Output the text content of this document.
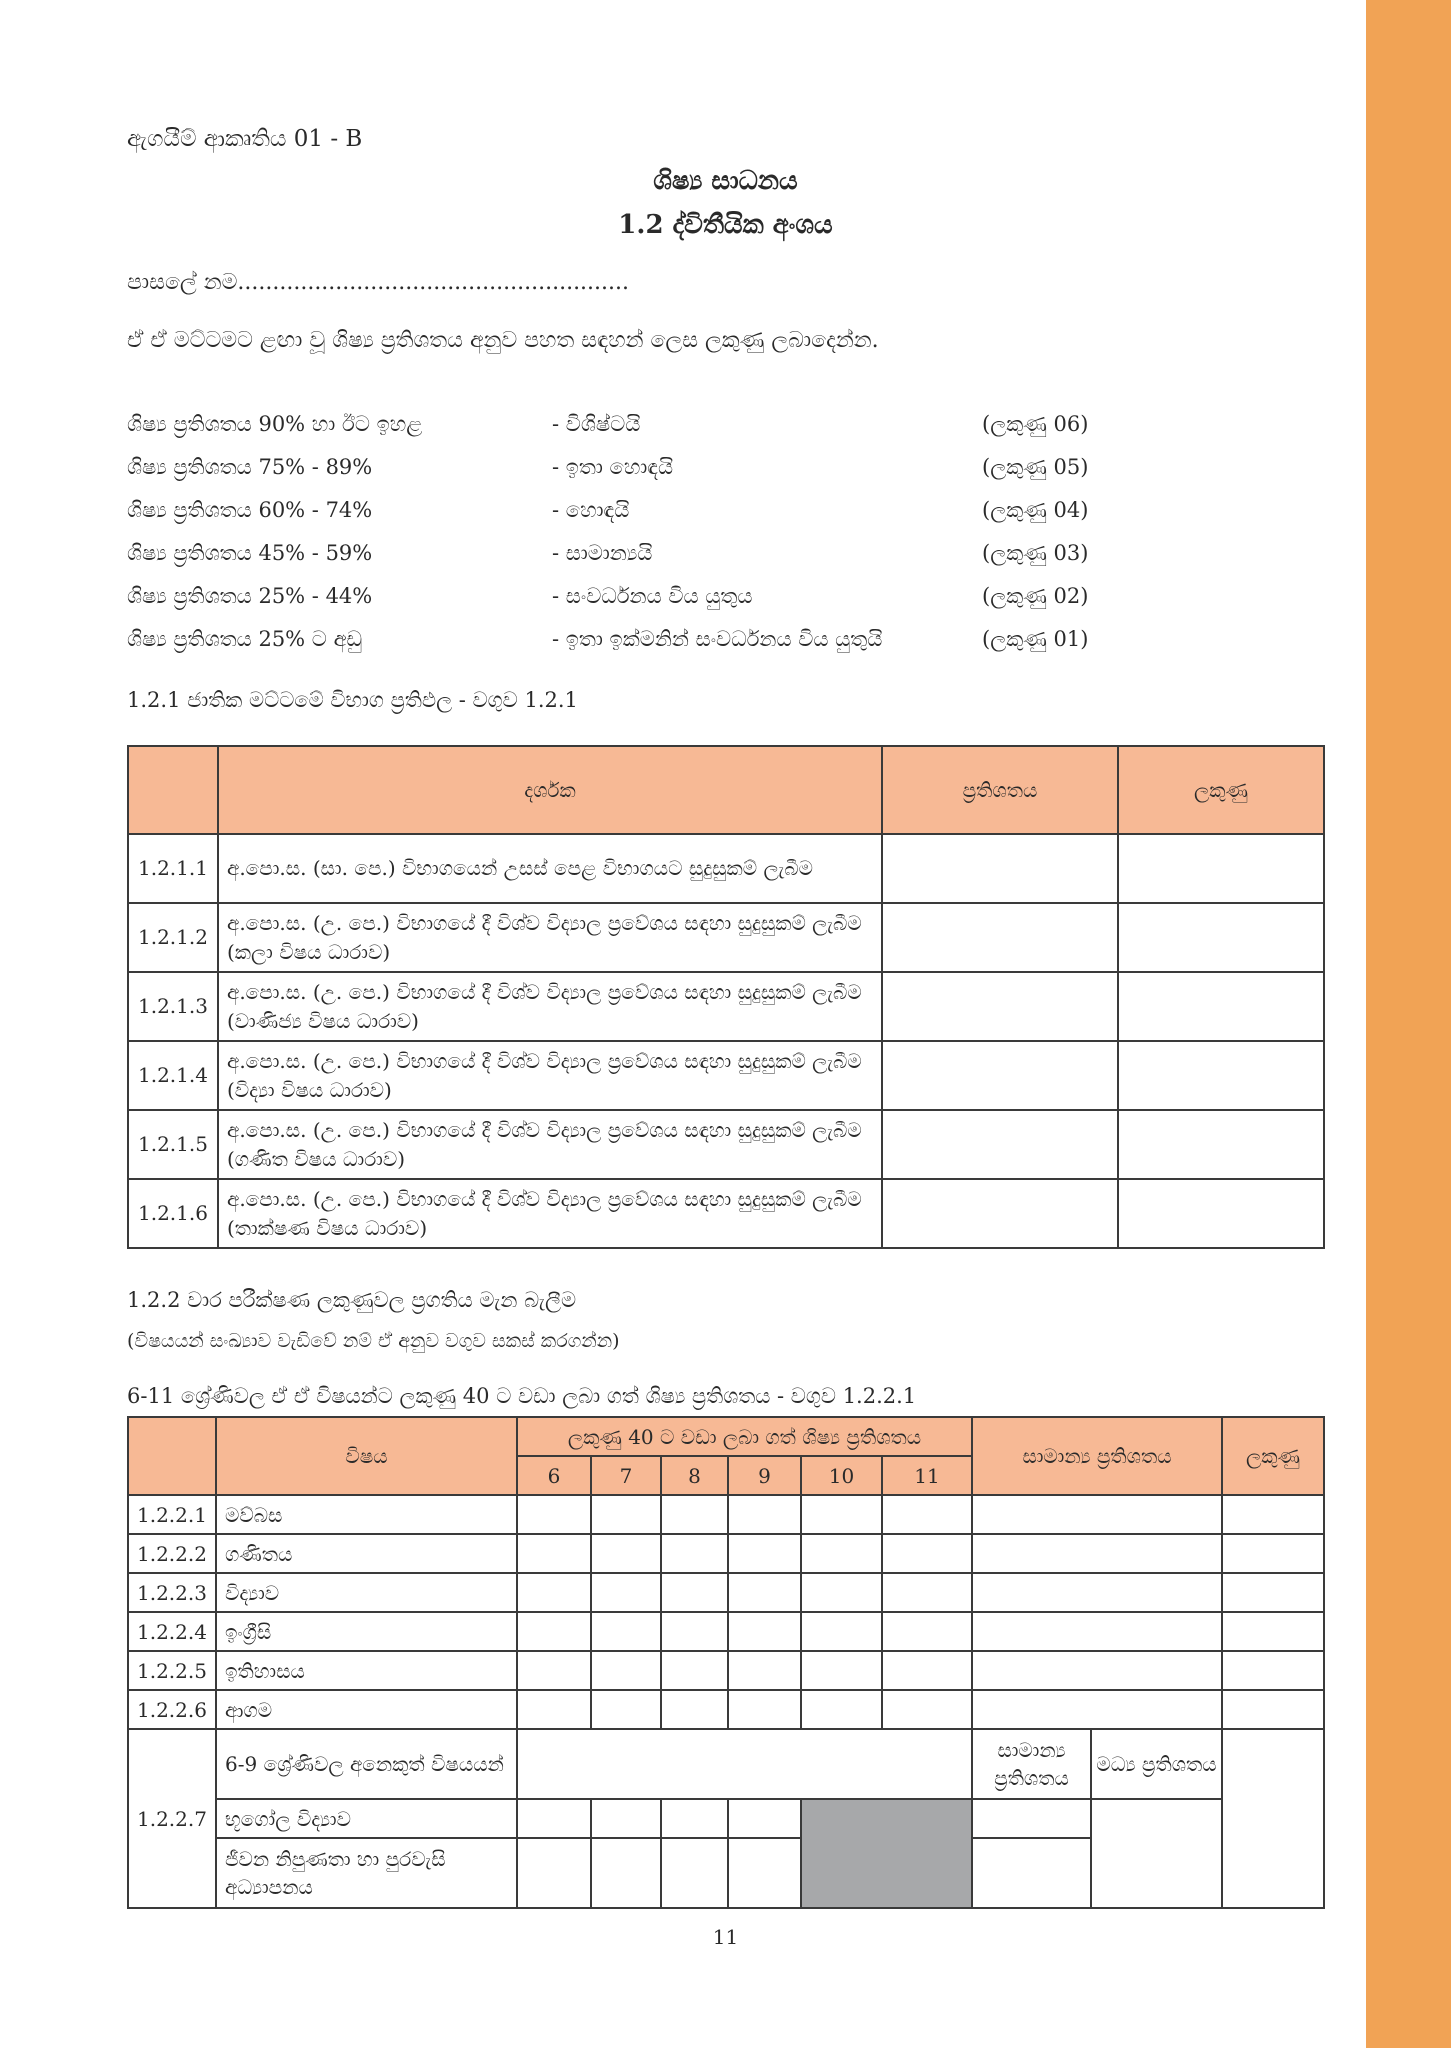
ඇගයීම් ආකෘතිය 01 - B
ශිෂ්‍ය සාධනය
1.2 ද්විතීයික අංශය
පාසලේ නම........................................................
ඒ ඒ මට්ටමට ළඟා වූ ශිෂ්‍ය ප්‍රතිශතය අනුව පහත සඳහන් ලෙස ලකුණු ලබාදෙන්න.
ශිෂ්‍ය ප්‍රතිශතය 90% හා ඊට ඉහළ	- විශිෂ්ටයි	(ලකුණු 06)
ශිෂ්‍ය ප්‍රතිශතය 75% - 89%	- ඉතා හොඳයි	(ලකුණු 05)
ශිෂ්‍ය ප්‍රතිශතය 60% - 74%	- හොඳයි	(ලකුණු 04)
ශිෂ්‍ය ප්‍රතිශතය 45% - 59%	- සාමාන්‍යයි	(ලකුණු 03)
ශිෂ්‍ය ප්‍රතිශතය 25% - 44%	- සංවර්ධනය විය යුතුය	(ලකුණු 02)
ශිෂ්‍ය ප්‍රතිශතය 25% ට අඩු	- ඉතා ඉක්මනින් සංවර්ධනය විය යුතුයි	(ලකුණු 01)
1.2.1 ජාතික මට්ටමේ විභාග ප්‍රතිඵල - වගුව 1.2.1
	දර්ශක	ප්‍රතිශතය	ලකුණු
1.2.1.1	අ.පො.ස. (සා. පෙ.) විභාගයෙන් උසස් පෙළ විභාගයට සුදුසුකම් ලැබීම		
1.2.1.2	අ.පො.ස. (උ. පෙ.) විභාගයේ දී විශ්ව විද්‍යාල ප්‍රවේශය සඳහා සුදුසුකම් ලැබීම (කලා විෂය ධාරාව)		
1.2.1.3	අ.පො.ස. (උ. පෙ.) විභාගයේ දී විශ්ව විද්‍යාල ප්‍රවේශය සඳහා සුදුසුකම් ලැබීම (වාණිජ්‍ය විෂය ධාරාව)		
1.2.1.4	අ.පො.ස. (උ. පෙ.) විභාගයේ දී විශ්ව විද්‍යාල ප්‍රවේශය සඳහා සුදුසුකම් ලැබීම (විද්‍යා විෂය ධාරාව)		
1.2.1.5	අ.පො.ස. (උ. පෙ.) විභාගයේ දී විශ්ව විද්‍යාල ප්‍රවේශය සඳහා සුදුසුකම් ලැබීම (ගණිත විෂය ධාරාව)		
1.2.1.6	අ.පො.ස. (උ. පෙ.) විභාගයේ දී විශ්ව විද්‍යාල ප්‍රවේශය සඳහා සුදුසුකම් ලැබීම (තාක්ෂණ විෂය ධාරාව)		
1.2.2 වාර පරීක්ෂණ ලකුණුවල ප්‍රගතිය මැන බැලීම
(විෂයයන් සංඛ්‍යාව වැඩිවේ නම් ඒ අනුව වගුව සකස් කරගන්න)
6-11 ශ්‍රේණිවල ඒ ඒ විෂයන්ට ලකුණු 40 ට වඩා ලබා ගත් ශිෂ්‍ය ප්‍රතිශතය - වගුව 1.2.2.1
	විෂය	ලකුණු 40 ට වඩා ලබා ගත් ශිෂ්‍ය ප්‍රතිශතය						සාමාන්‍ය ප්‍රතිශතය		ලකුණු
		6	7	8	9	10	11			
1.2.2.1	මව්බස									
1.2.2.2	ගණිතය									
1.2.2.3	විද්‍යාව									
1.2.2.4	ඉංග්‍රීසි									
1.2.2.5	ඉතිහාසය									
1.2.2.6	ආගම									
1.2.2.7	6-9 ශ්‍රේණිවල අනෙකුත් විෂයයන්							සාමාන්‍ය ප්‍රතිශතය	මධ්‍ය ප්‍රතිශතය	
	භූගෝල විද්‍යාව									
	ජීවන නිපුණතා හා පුරවැසි අධ්‍යාපනය									
11
